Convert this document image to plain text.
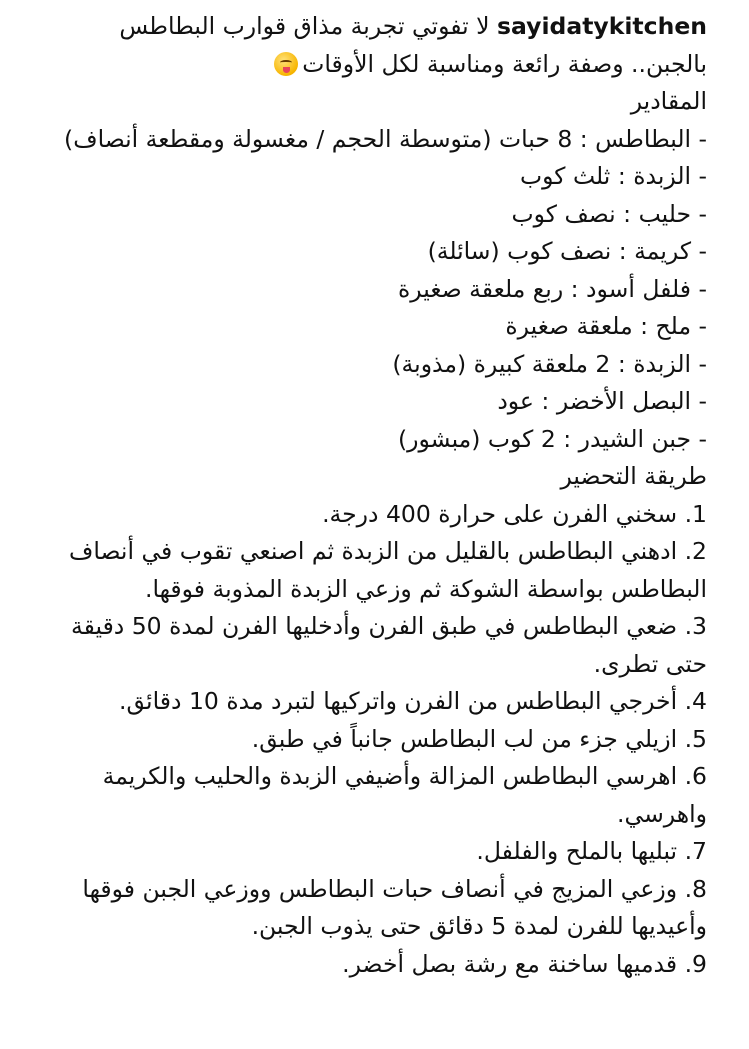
sayidatykitchen لا تفوتي تجربة مذاق قوارب البطاطس
بالجبن.. وصفة رائعة ومناسبة لكل الأوقات
المقادير
- البطاطس : 8 حبات (متوسطة الحجم / مغسولة ومقطعة أنصاف)
- الزبدة : ثلث كوب
- حليب : نصف كوب
- كريمة : نصف كوب (سائلة)
- فلفل أسود : ربع ملعقة صغيرة
- ملح : ملعقة صغيرة
- الزبدة : 2 ملعقة كبيرة (مذوبة)
- البصل الأخضر : عود
- جبن الشيدر : 2 كوب (مبشور)
طريقة التحضير
1. سخني الفرن على حرارة 400 درجة.
2. ادهني البطاطس بالقليل من الزبدة ثم اصنعي تقوب في أنصاف البطاطس بواسطة الشوكة ثم وزعي الزبدة المذوبة فوقها.
3. ضعي البطاطس في طبق الفرن وأدخليها الفرن لمدة 50 دقيقة حتى تطرى.
4. أخرجي البطاطس من الفرن واتركيها لتبرد مدة 10 دقائق.
5. ازيلي جزء من لب البطاطس جانباً في طبق.
6. اهرسي البطاطس المزالة وأضيفي الزبدة والحليب والكريمة واهرسي.
7. تبليها بالملح والفلفل.
8. وزعي المزيج في أنصاف حبات البطاطس ووزعي الجبن فوقها وأعيديها للفرن لمدة 5 دقائق حتى يذوب الجبن.
9. قدميها ساخنة مع رشة بصل أخضر.
